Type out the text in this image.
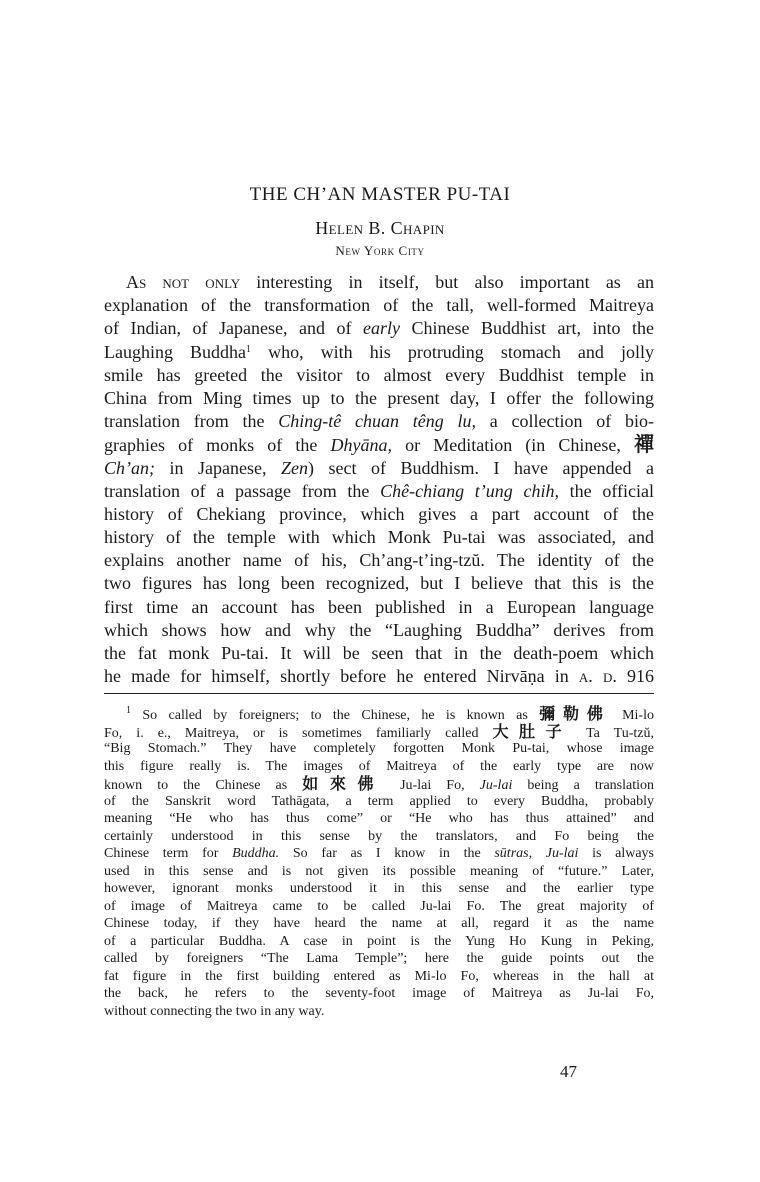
THE CH’AN MASTER PU-TAI
Helen B. Chapin
New York City
As not only interesting in itself, but also important as an
explanation of the transformation of the tall, well-formed Maitreya
of Indian, of Japanese, and of early Chinese Buddhist art, into the
Laughing Buddha$^1$ who, with his protruding stomach and jolly
smile has greeted the visitor to almost every Buddhist temple in
China from Ming times up to the present day, I offer the following
translation from the Ching-tê chuan têng lu, a collection of bio-
graphies of monks of the Dhyāna, or Meditation (in Chinese, 禪
Ch’an; in Japanese, Zen) sect of Buddhism. I have appended a
translation of a passage from the Chê-chiang t’ung chih, the official
history of Chekiang province, which gives a part account of the
history of the temple with which Monk Pu-tai was associated, and
explains another name of his, Ch’ang-t’ing-tzŭ. The identity of the
two figures has long been recognized, but I believe that this is the
first time an account has been published in a European language
which shows how and why the “Laughing Buddha” derives from
the fat monk Pu-tai. It will be seen that in the death-poem which
he made for himself, shortly before he entered Nirvāṇa in a. d. 916
$^1$ So called by foreigners; to the Chinese, he is known as 彌勒佛 Mi-lo
Fo, i. e., Maitreya, or is sometimes familiarly called 大肚子 Ta Tu-tzŭ,
“Big Stomach.” They have completely forgotten Monk Pu-tai, whose image
this figure really is. The images of Maitreya of the early type are now
known to the Chinese as 如來佛 Ju-lai Fo, Ju-lai being a translation
of the Sanskrit word Tathāgata, a term applied to every Buddha, probably
meaning “He who has thus come” or “He who has thus attained” and
certainly understood in this sense by the translators, and Fo being the
Chinese term for Buddha. So far as I know in the sūtras, Ju-lai is always
used in this sense and is not given its possible meaning of “future.” Later,
however, ignorant monks understood it in this sense and the earlier type
of image of Maitreya came to be called Ju-lai Fo. The great majority of
Chinese today, if they have heard the name at all, regard it as the name
of a particular Buddha. A case in point is the Yung Ho Kung in Peking,
called by foreigners “The Lama Temple”; here the guide points out the
fat figure in the first building entered as Mi-lo Fo, whereas in the hall at
the back, he refers to the seventy-foot image of Maitreya as Ju-lai Fo,
without connecting the two in any way.
47
